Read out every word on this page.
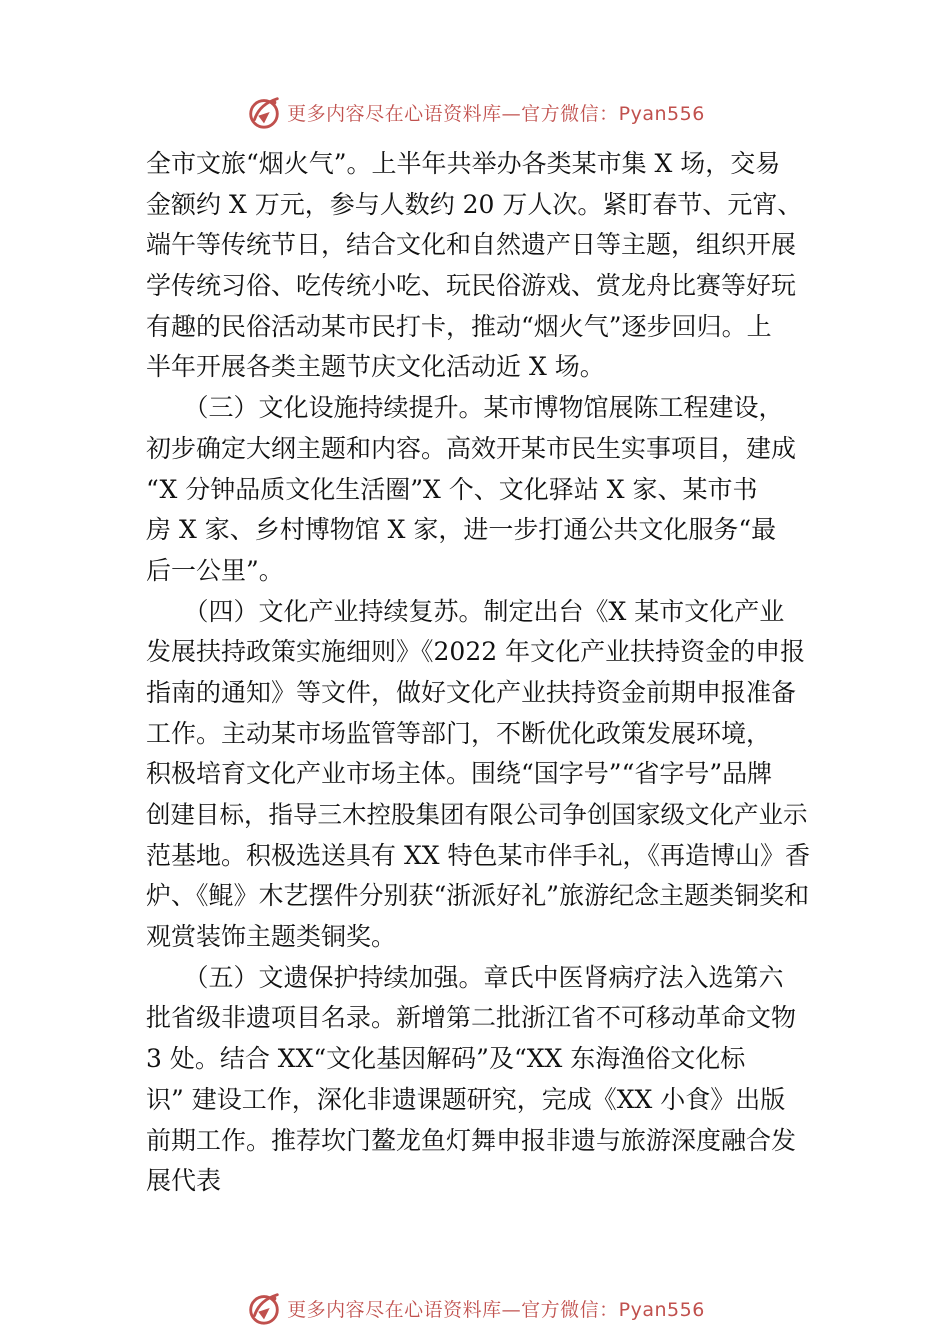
更多内容尽在心语资料库—官方微信：Pyan556
全市文旅“烟火气”。上半年共举办各类某市集 X 场，交易
金额约 X 万元，参与人数约 20 万人次。紧盯春节、元宵、
端午等传统节日，结合文化和自然遗产日等主题，组织开展
学传统习俗、吃传统小吃、玩民俗游戏、赏龙舟比赛等好玩
有趣的民俗活动某市民打卡，推动“烟火气”逐步回归。上
半年开展各类主题节庆文化活动近 X 场。
　　（三）文化设施持续提升。某市博物馆展陈工程建设，
初步确定大纲主题和内容。高效开某市民生实事项目，建成
“X 分钟品质文化生活圈”X 个、文化驿站 X 家、某市书
房 X 家、乡村博物馆 X 家，进一步打通公共文化服务“最
后一公里”。
　　（四）文化产业持续复苏。制定出台《X 某市文化产业
发展扶持政策实施细则》《2022 年文化产业扶持资金的申报
指南的通知》等文件，做好文化产业扶持资金前期申报准备
工作。主动某市场监管等部门，不断优化政策发展环境，
积极培育文化产业市场主体。围绕“国字号”“省字号”品牌
创建目标，指导三木控股集团有限公司争创国家级文化产业示
范基地。积极选送具有 XX 特色某市伴手礼，《再造博山》香
炉、《鲲》木艺摆件分别获“浙派好礼”旅游纪念主题类铜奖和
观赏装饰主题类铜奖。
　　（五）文遗保护持续加强。章氏中医肾病疗法入选第六
批省级非遗项目名录。新增第二批浙江省不可移动革命文物
3 处。结合 XX“文化基因解码”及“XX 东海渔俗文化标
识” 建设工作，深化非遗课题研究，完成《XX 小食》出版
前期工作。推荐坎门鳌龙鱼灯舞申报非遗与旅游深度融合发
展代表
更多内容尽在心语资料库—官方微信：Pyan556
